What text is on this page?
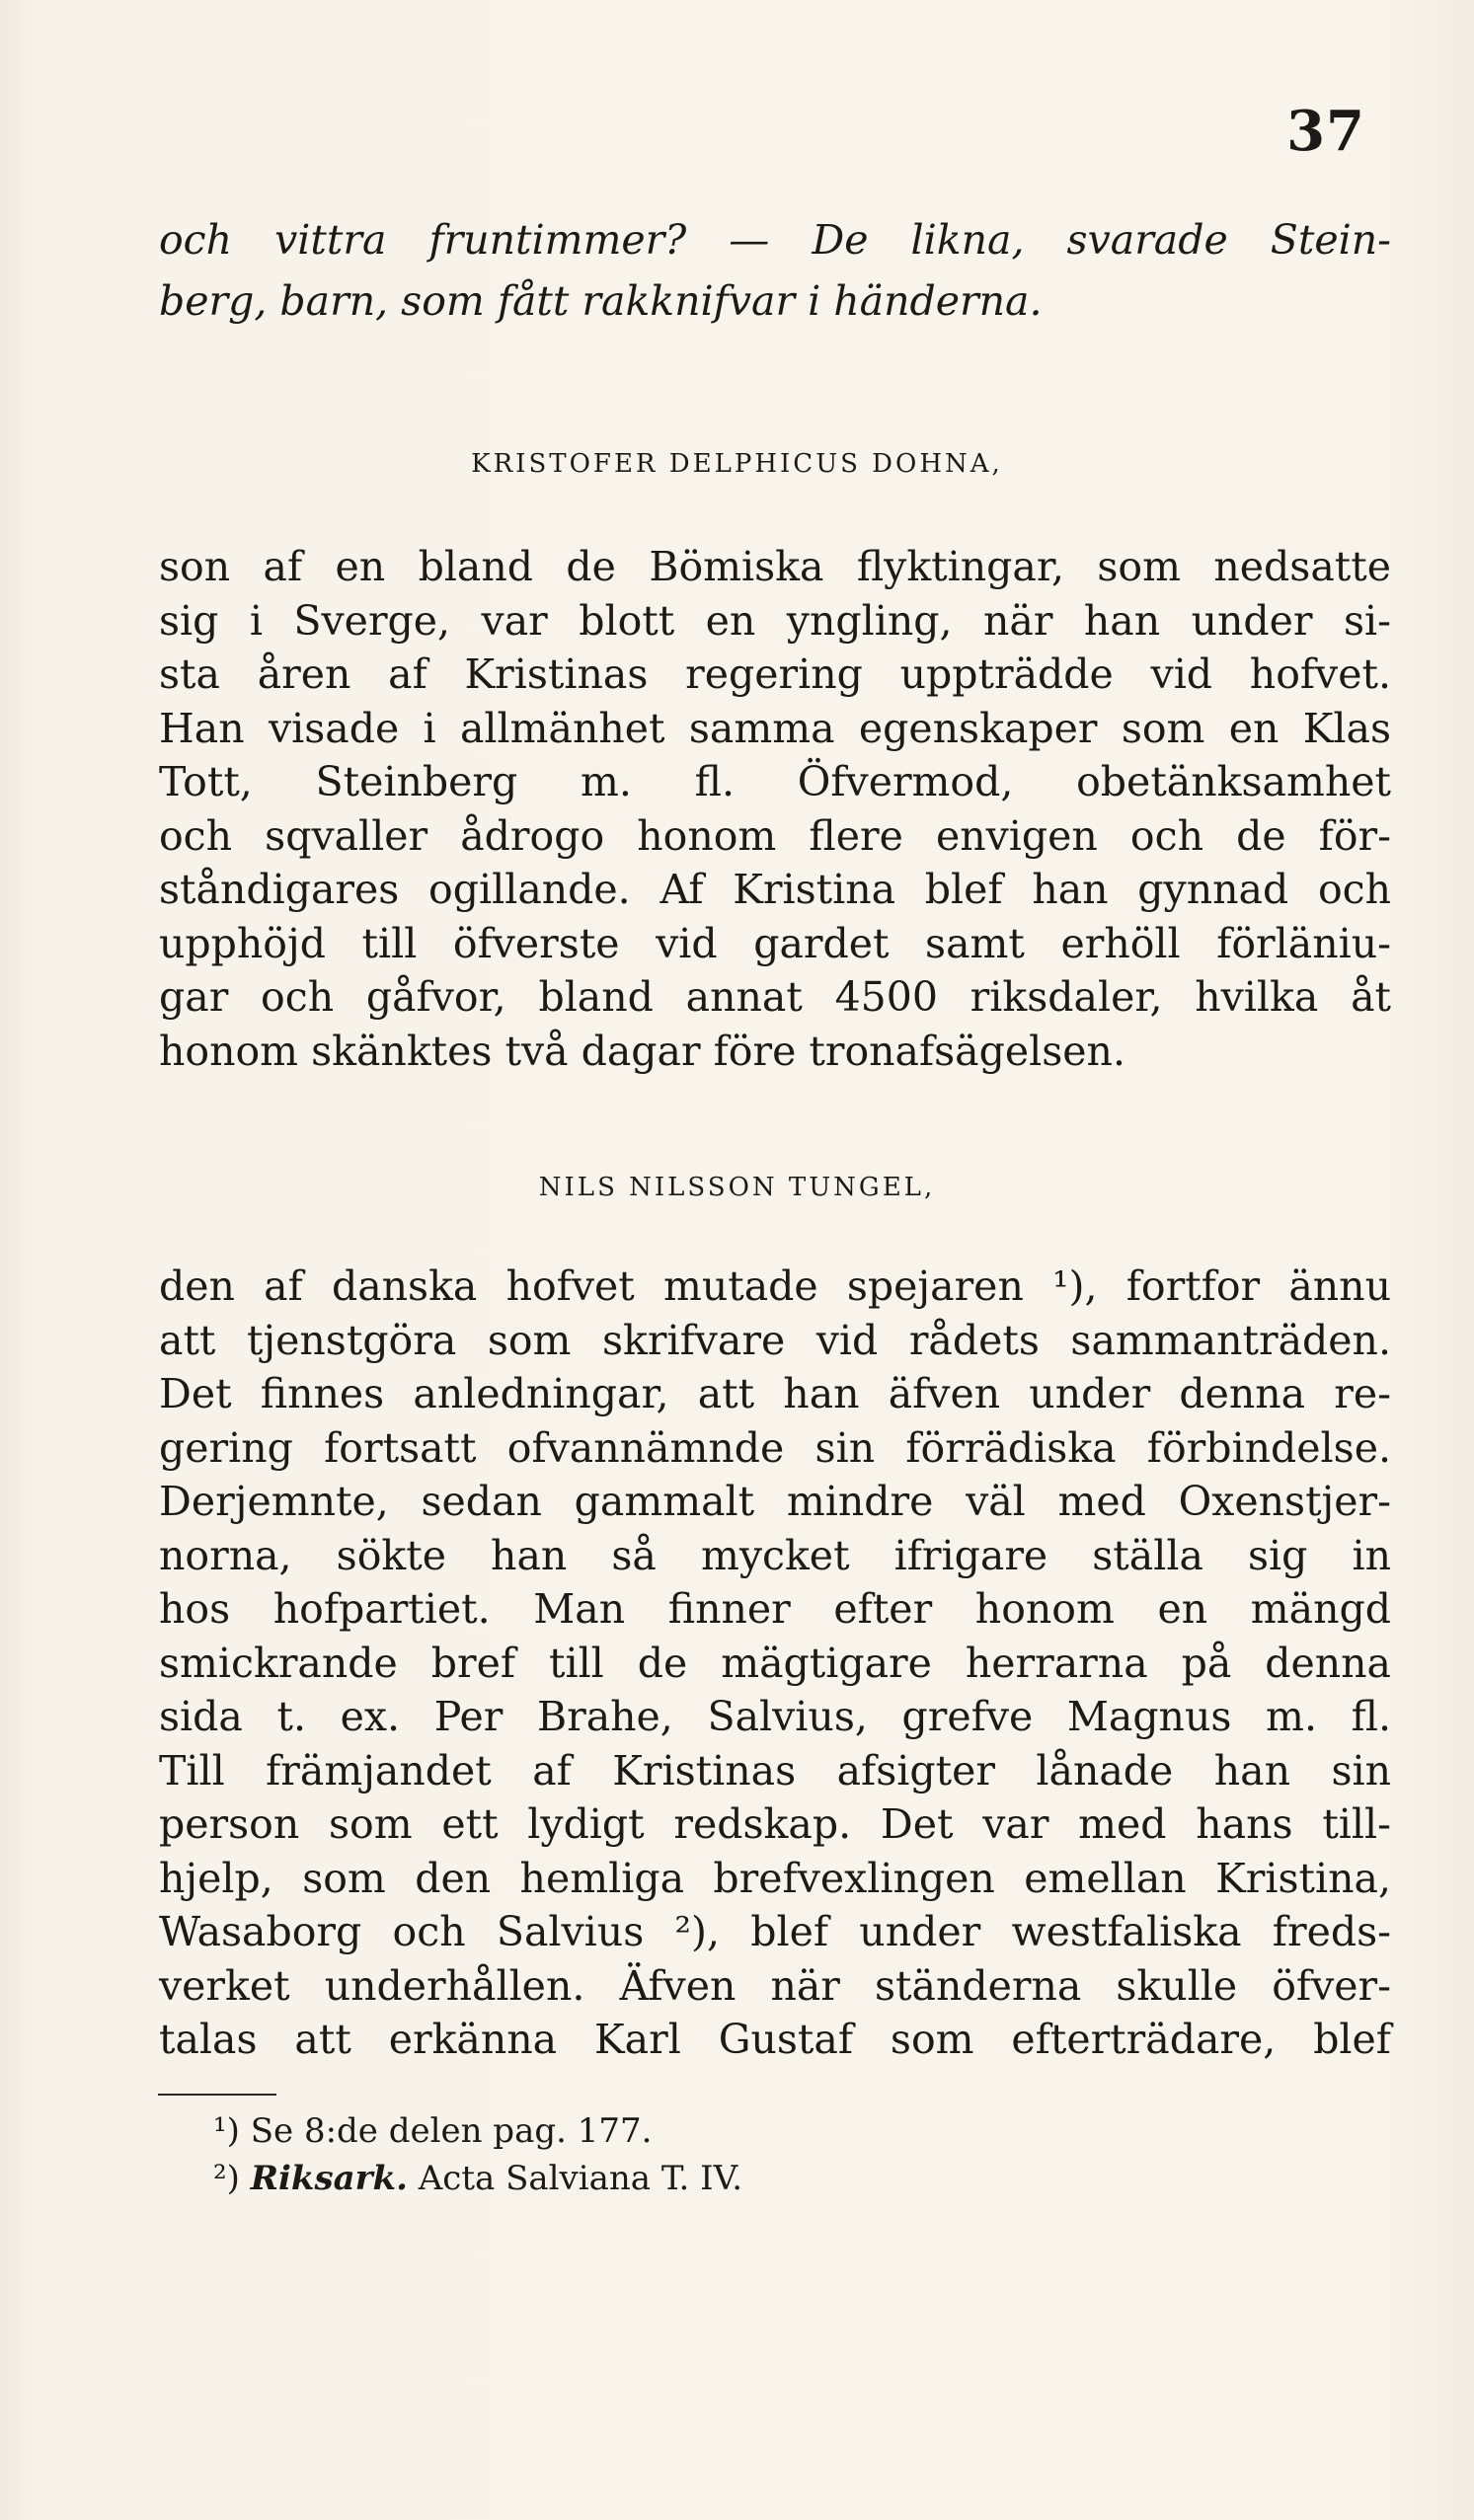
37
och vittra fruntimmer? — De likna, svarade Stein-
berg, barn, som fått rakknifvar i händerna.
KRISTOFER DELPHICUS DOHNA,
son af en bland de Bömiska flyktingar, som nedsatte
sig i Sverge, var blott en yngling, när han under si-
sta åren af Kristinas regering uppträdde vid hofvet.
Han visade i allmänhet samma egenskaper som en Klas
Tott, Steinberg m. fl. Öfvermod, obetänksamhet
och sqvaller ådrogo honom flere envigen och de för-
ståndigares ogillande. Af Kristina blef han gynnad och
upphöjd till öfverste vid gardet samt erhöll förläniu-
gar och gåfvor, bland annat 4500 riksdaler, hvilka åt
honom skänktes två dagar före tronafsägelsen.
NILS NILSSON TUNGEL,
den af danska hofvet mutade spejaren ¹), fortfor ännu
att tjenstgöra som skrifvare vid rådets sammanträden.
Det finnes anledningar, att han äfven under denna re-
gering fortsatt ofvannämnde sin förrädiska förbindelse.
Derjemnte, sedan gammalt mindre väl med Oxenstjer-
norna, sökte han så mycket ifrigare ställa sig in
hos hofpartiet. Man finner efter honom en mängd
smickrande bref till de mägtigare herrarna på denna
sida t. ex. Per Brahe, Salvius, grefve Magnus m. fl.
Till främjandet af Kristinas afsigter lånade han sin
person som ett lydigt redskap. Det var med hans till-
hjelp, som den hemliga brefvexlingen emellan Kristina,
Wasaborg och Salvius ²), blef under westfaliska freds-
verket underhållen. Äfven när ständerna skulle öfver-
talas att erkänna Karl Gustaf som efterträdare, blef
¹) Se 8:de delen pag. 177.
²) Riksark. Acta Salviana T. IV.
